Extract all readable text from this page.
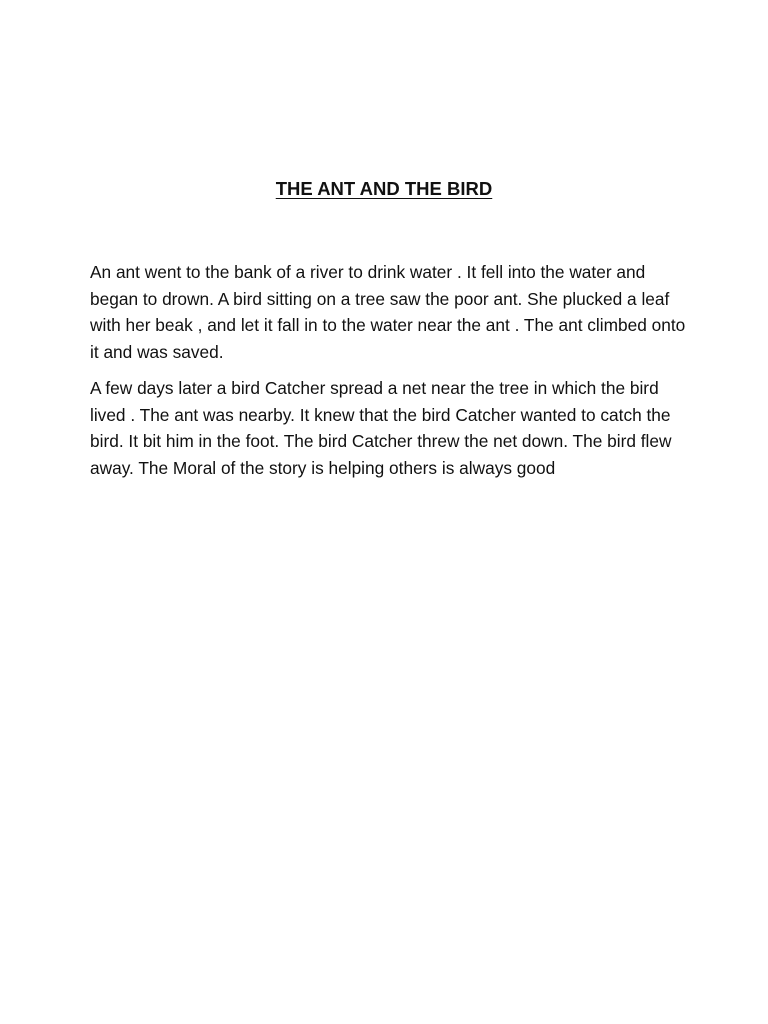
THE ANT AND THE BIRD

An ant went to the bank of a river to drink water . It fell into the water and began to drown. A bird sitting on a tree saw the poor ant. She plucked a leaf with her beak , and let it fall in to the water near the ant . The ant climbed onto it and was saved.

A few days later a bird Catcher spread a net near the tree in which the bird lived . The ant was nearby. It knew that the bird Catcher wanted to catch the bird. It bit him in the foot. The bird Catcher threw the net down. The bird flew away. The Moral of the story is helping others is always good
